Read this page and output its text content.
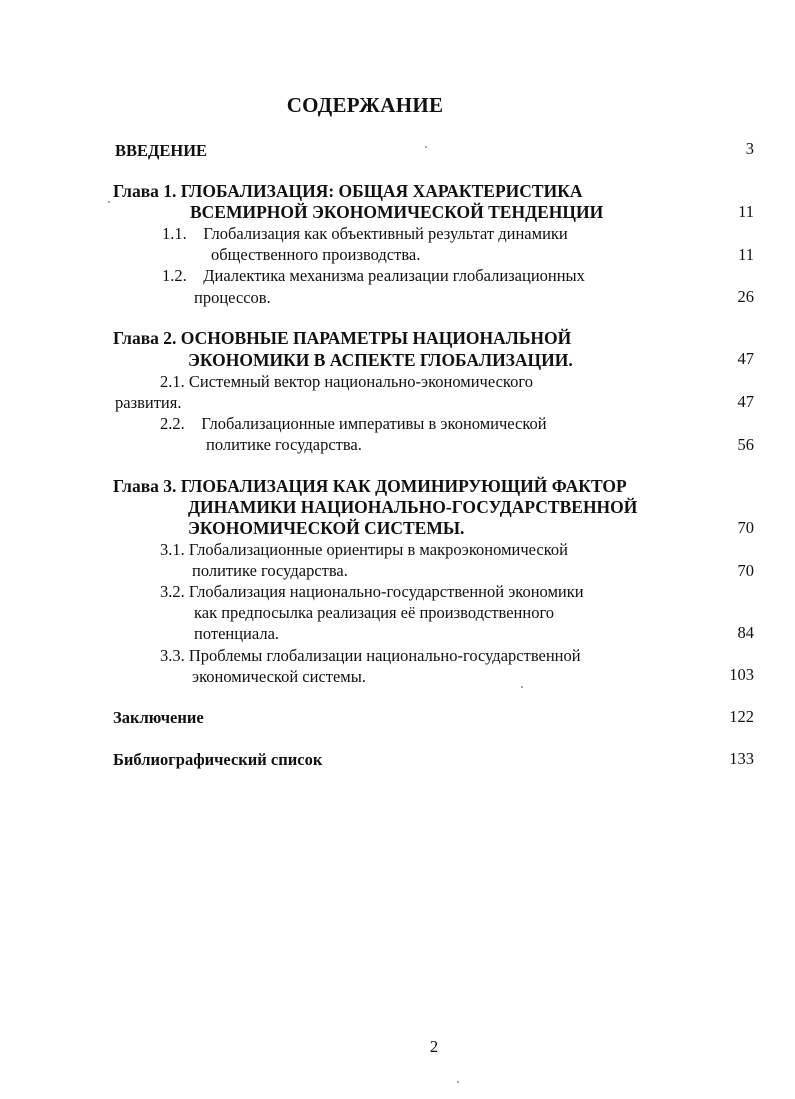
СОДЕРЖАНИЕ
ВВЕДЕНИЕ	3
Глава 1. ГЛОБАЛИЗАЦИЯ: ОБЩАЯ ХАРАКТЕРИСТИКА
ВСЕМИРНОЙ ЭКОНОМИЧЕСКОЙ ТЕНДЕНЦИИ	11
1.1.    Глобализация как объективный результат динамики
общественного производства.	11
1.2.    Диалектика механизма реализации глобализационных
процессов.	26
Глава 2. ОСНОВНЫЕ ПАРАМЕТРЫ НАЦИОНАЛЬНОЙ
ЭКОНОМИКИ В АСПЕКТЕ ГЛОБАЛИЗАЦИИ.	47
2.1. Системный вектор национально-экономического
развития.	47
2.2.    Глобализационные императивы в экономической
политике государства.	56
Глава 3. ГЛОБАЛИЗАЦИЯ КАК ДОМИНИРУЮЩИЙ ФАКТОР
ДИНАМИКИ НАЦИОНАЛЬНО-ГОСУДАРСТВЕННОЙ
ЭКОНОМИЧЕСКОЙ СИСТЕМЫ.	70
3.1. Глобализационные ориентиры в макроэкономической
политике государства.	70
3.2. Глобализация национально-государственной экономики
как предпосылка реализация её производственного
потенциала.	84
3.3. Проблемы глобализации национально-государственной
экономической системы.	103
Заключение	122
Библиографический список	133
2
